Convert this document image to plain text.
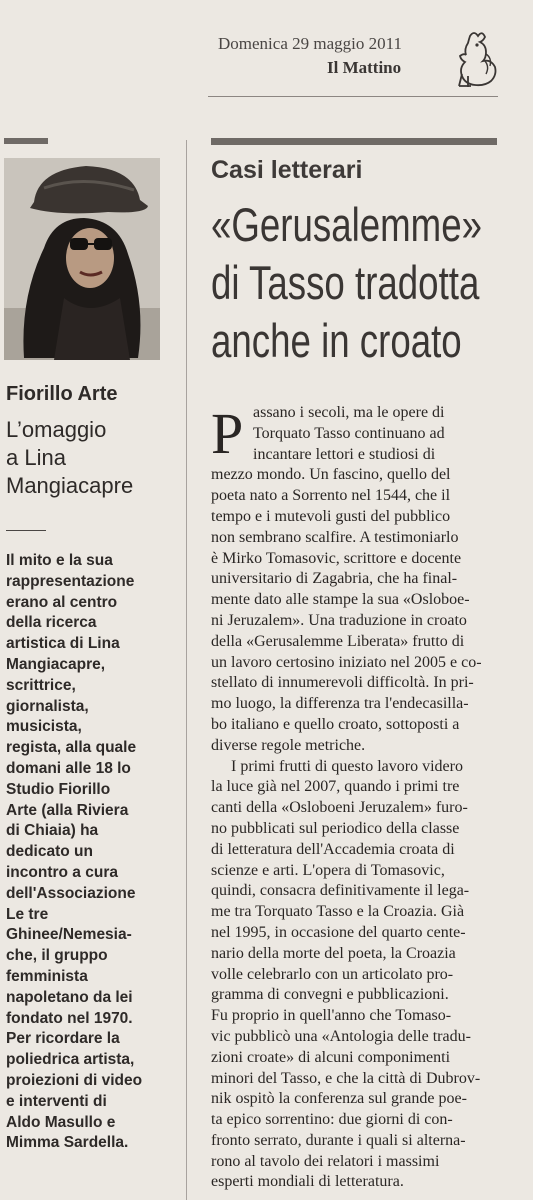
Domenica 29 maggio 2011
Il Mattino
Fiorillo Arte
L’omaggio
a Lina
Mangiacapre
Il mito e la sua
rappresentazione
erano al centro
della ricerca
artistica di Lina
Mangiacapre,
scrittrice,
giornalista,
musicista,
regista, alla quale
domani alle 18 lo
Studio Fiorillo
Arte (alla Riviera
di Chiaia) ha
dedicato un
incontro a cura
dell'Associazione
Le tre
Ghinee/Nemesia-
che, il gruppo
femminista
napoletano da lei
fondato nel 1970.
Per ricordare la
poliedrica artista,
proiezioni di video
e interventi di
Aldo Masullo e
Mimma Sardella.
Casi letterari
«Gerusalemme»
di Tasso tradotta
anche in croato
P assano i secoli, ma le opere di
Torquato Tasso continuano ad
incantare lettori e studiosi di
mezzo mondo. Un fascino, quello del
poeta nato a Sorrento nel 1544, che il
tempo e i mutevoli gusti del pubblico
non sembrano scalfire. A testimoniarlo
è Mirko Tomasovic, scrittore e docente
universitario di Zagabria, che ha final-
mente dato alle stampe la sua «Osloboe-
ni Jeruzalem». Una traduzione in croato
della «Gerusalemme Liberata» frutto di
un lavoro certosino iniziato nel 2005 e co-
stellato di innumerevoli difficoltà. In pri-
mo luogo, la differenza tra l'endecasilla-
bo italiano e quello croato, sottoposti a
diverse regole metriche.
I primi frutti di questo lavoro videro
la luce già nel 2007, quando i primi tre
canti della «Osloboeni Jeruzalem» furo-
no pubblicati sul periodico della classe
di letteratura dell'Accademia croata di
scienze e arti. L'opera di Tomasovic,
quindi, consacra definitivamente il lega-
me tra Torquato Tasso e la Croazia. Già
nel 1995, in occasione del quarto cente-
nario della morte del poeta, la Croazia
volle celebrarlo con un articolato pro-
gramma di convegni e pubblicazioni.
Fu proprio in quell'anno che Tomaso-
vic pubblicò una «Antologia delle tradu-
zioni croate» di alcuni componimenti
minori del Tasso, e che la città di Dubrov-
nik ospitò la conferenza sul grande poe-
ta epico sorrentino: due giorni di con-
fronto serrato, durante i quali si alterna-
rono al tavolo dei relatori i massimi
esperti mondiali di letteratura.
